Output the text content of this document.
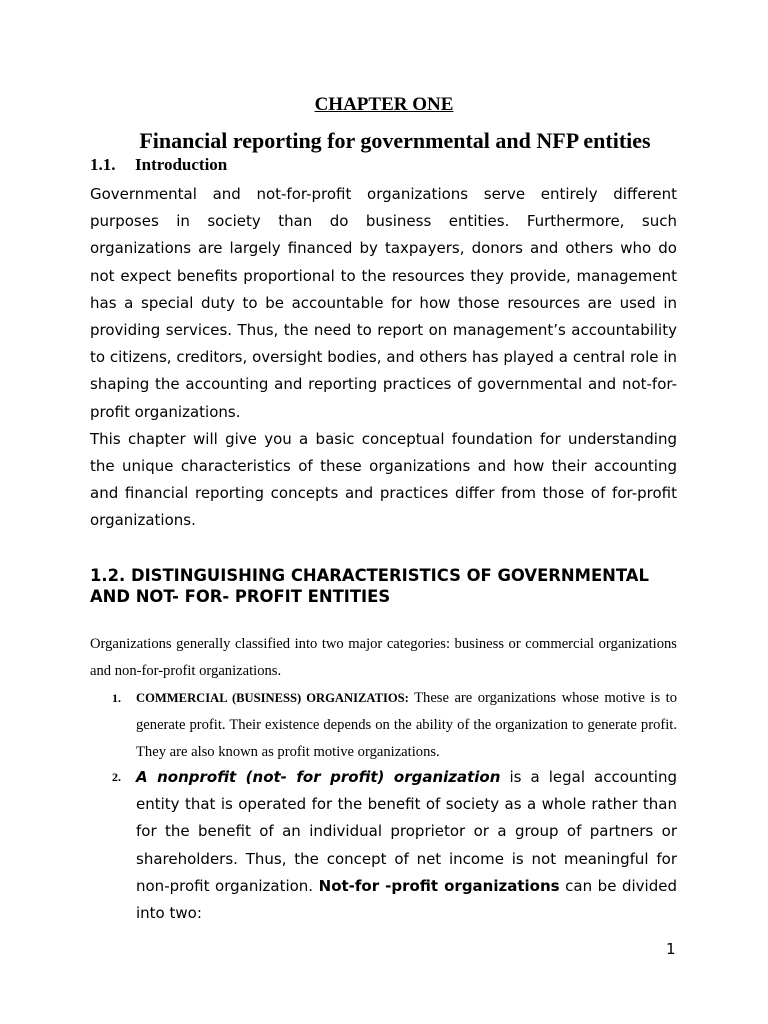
CHAPTER ONE
Financial reporting for governmental and NFP entities
1.1. Introduction

Governmental and not-for-profit organizations serve entirely different purposes in society than do business entities. Furthermore, such organizations are largely financed by taxpayers, donors and others who do not expect benefits proportional to the resources they provide, management has a special duty to be accountable for how those resources are used in providing services. Thus, the need to report on management’s accountability to citizens, creditors, oversight bodies, and others has played a central role in shaping the accounting and reporting practices of governmental and not-for-profit organizations.

This chapter will give you a basic conceptual foundation for understanding the unique characteristics of these organizations and how their accounting and financial reporting concepts and practices differ from those of for-profit organizations.

1.2. DISTINGUISHING CHARACTERISTICS OF GOVERNMENTAL AND NOT- FOR- PROFIT ENTITIES

Organizations generally classified into two major categories: business or commercial organizations and non-for-profit organizations.

1. COMMERCIAL (BUSINESS) ORGANIZATIOS: These are organizations whose motive is to generate profit. Their existence depends on the ability of the organization to generate profit. They are also known as profit motive organizations.
2. A nonprofit (not- for profit) organization is a legal accounting entity that is operated for the benefit of society as a whole rather than for the benefit of an individual proprietor or a group of partners or shareholders. Thus, the concept of net income is not meaningful for non-profit organization. Not-for -profit organizations can be divided into two:
1
